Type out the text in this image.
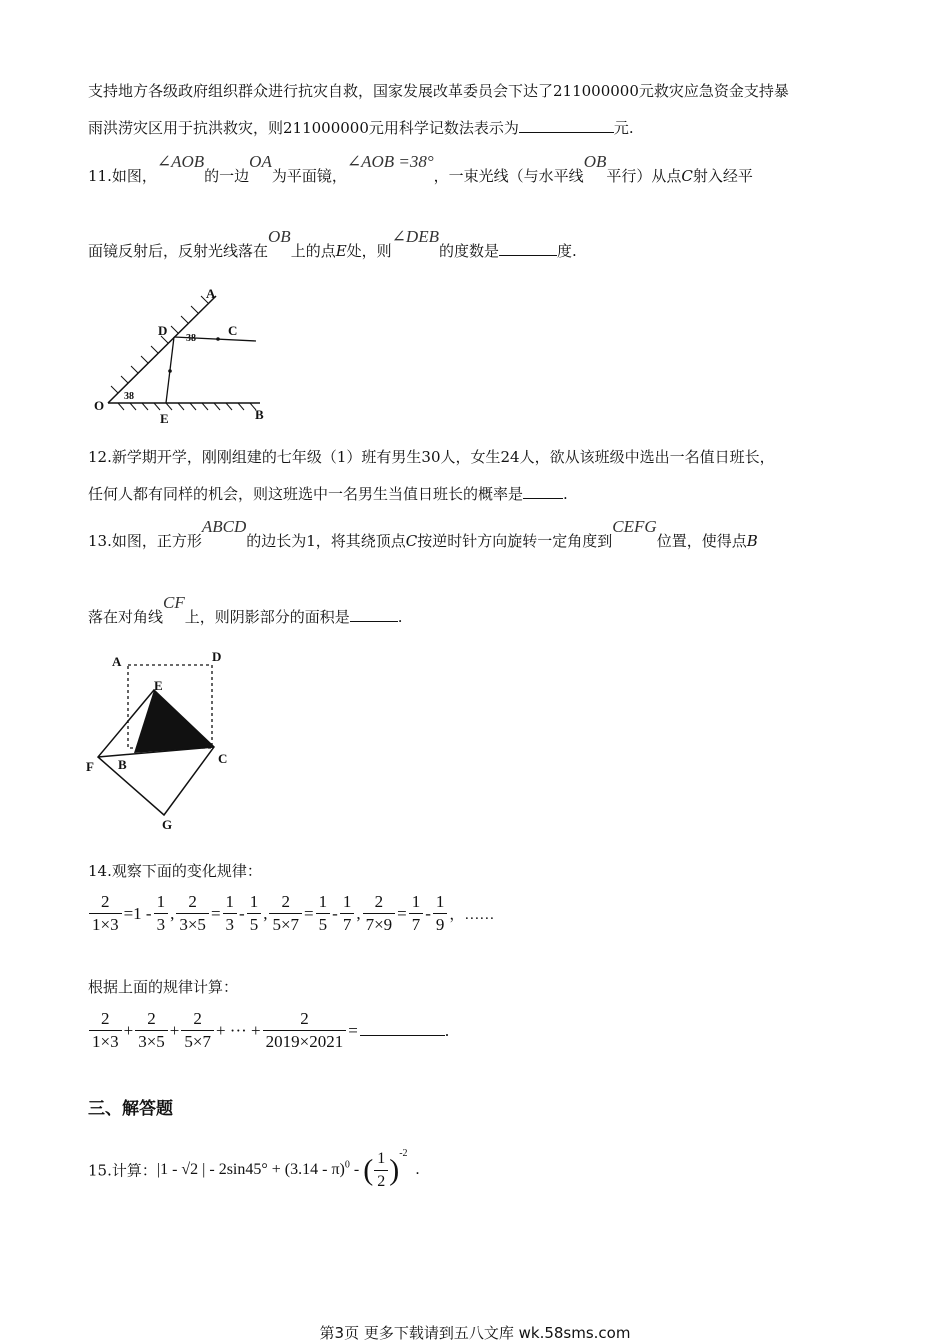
支持地方各级政府组织群众进行抗灾自救，国家发展改革委员会下达了211000000元救灾应急资金支持暴
雨洪涝灾区用于抗洪救灾，则211000000元用科学记数法表示为	元.
11.如图，∠AOB的一边OA为平面镜，∠AOB =38°，一束光线（与水平线OB平行）从点C射入经平
面镜反射后，反射光线落在OB上的点E处，则∠DEB的度数是	度.
A
D	C
O
E	B
38
38
12.新学期开学，刚刚组建的七年级（1）班有男生30人，女生24人，欲从该班级中选出一名值日班长，
任何人都有同样的机会，则这班选中一名男生当值日班长的概率是	.
13.如图，正方形ABCD的边长为1，将其绕顶点C按逆时针方向旋转一定角度到CEFG位置，使得点B
落在对角线CF上，则阴影部分的面积是	.
A	D
E
F B	C
G
14.观察下面的变化规律：
$\frac{2}{1\times 3} =1 - \frac{1}{3}$ , $\frac{2}{3\times 5} = \frac{1}{3} - \frac{1}{5}$ , $\frac{2}{5\times 7} = \frac{1}{5} - \frac{1}{7}$ , $\frac{2}{7\times 9} = \frac{1}{7} - \frac{1}{9}$ ，……
根据上面的规律计算：
$\frac{2}{1\times 3} + \frac{2}{3\times 5} + \frac{2}{5\times 7}$ + ··· + $\frac{2}{2019\times 2021}$ =	.
三、解答题
15.计算：|1 - √2 | - 2sin45° + (3.14 - π)$^0$ - ( $\frac{1}{2} )^{-2}$.
第3页 更多下载请到五八文库 wk.58sms.com
